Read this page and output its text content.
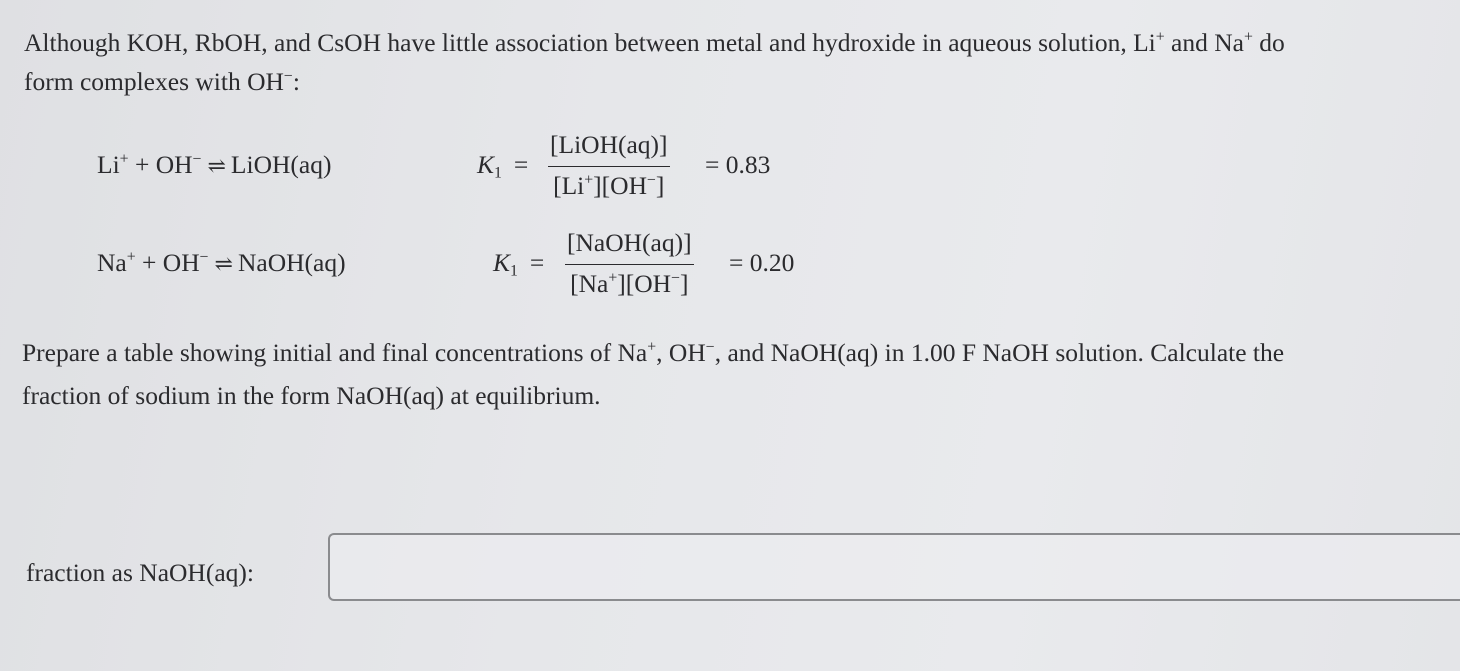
Although KOH, RbOH, and CsOH have little association between metal and hydroxide in aqueous solution, Li+ and Na+ do

form complexes with OH−:

Li+ + OH− ⇌ LiOH(aq)	$K_1$ =
[LiOH(aq)]
[Li+][OH−]
= 0.83
Na+ + OH− ⇌ NaOH(aq)	$K_1$ =
[NaOH(aq)]
[Na+][OH−]
= 0.20

Prepare a table showing initial and final concentrations of Na+, OH−, and NaOH(aq) in 1.00 F NaOH solution. Calculate the

fraction of sodium in the form NaOH(aq) at equilibrium.

fraction as NaOH(aq):
